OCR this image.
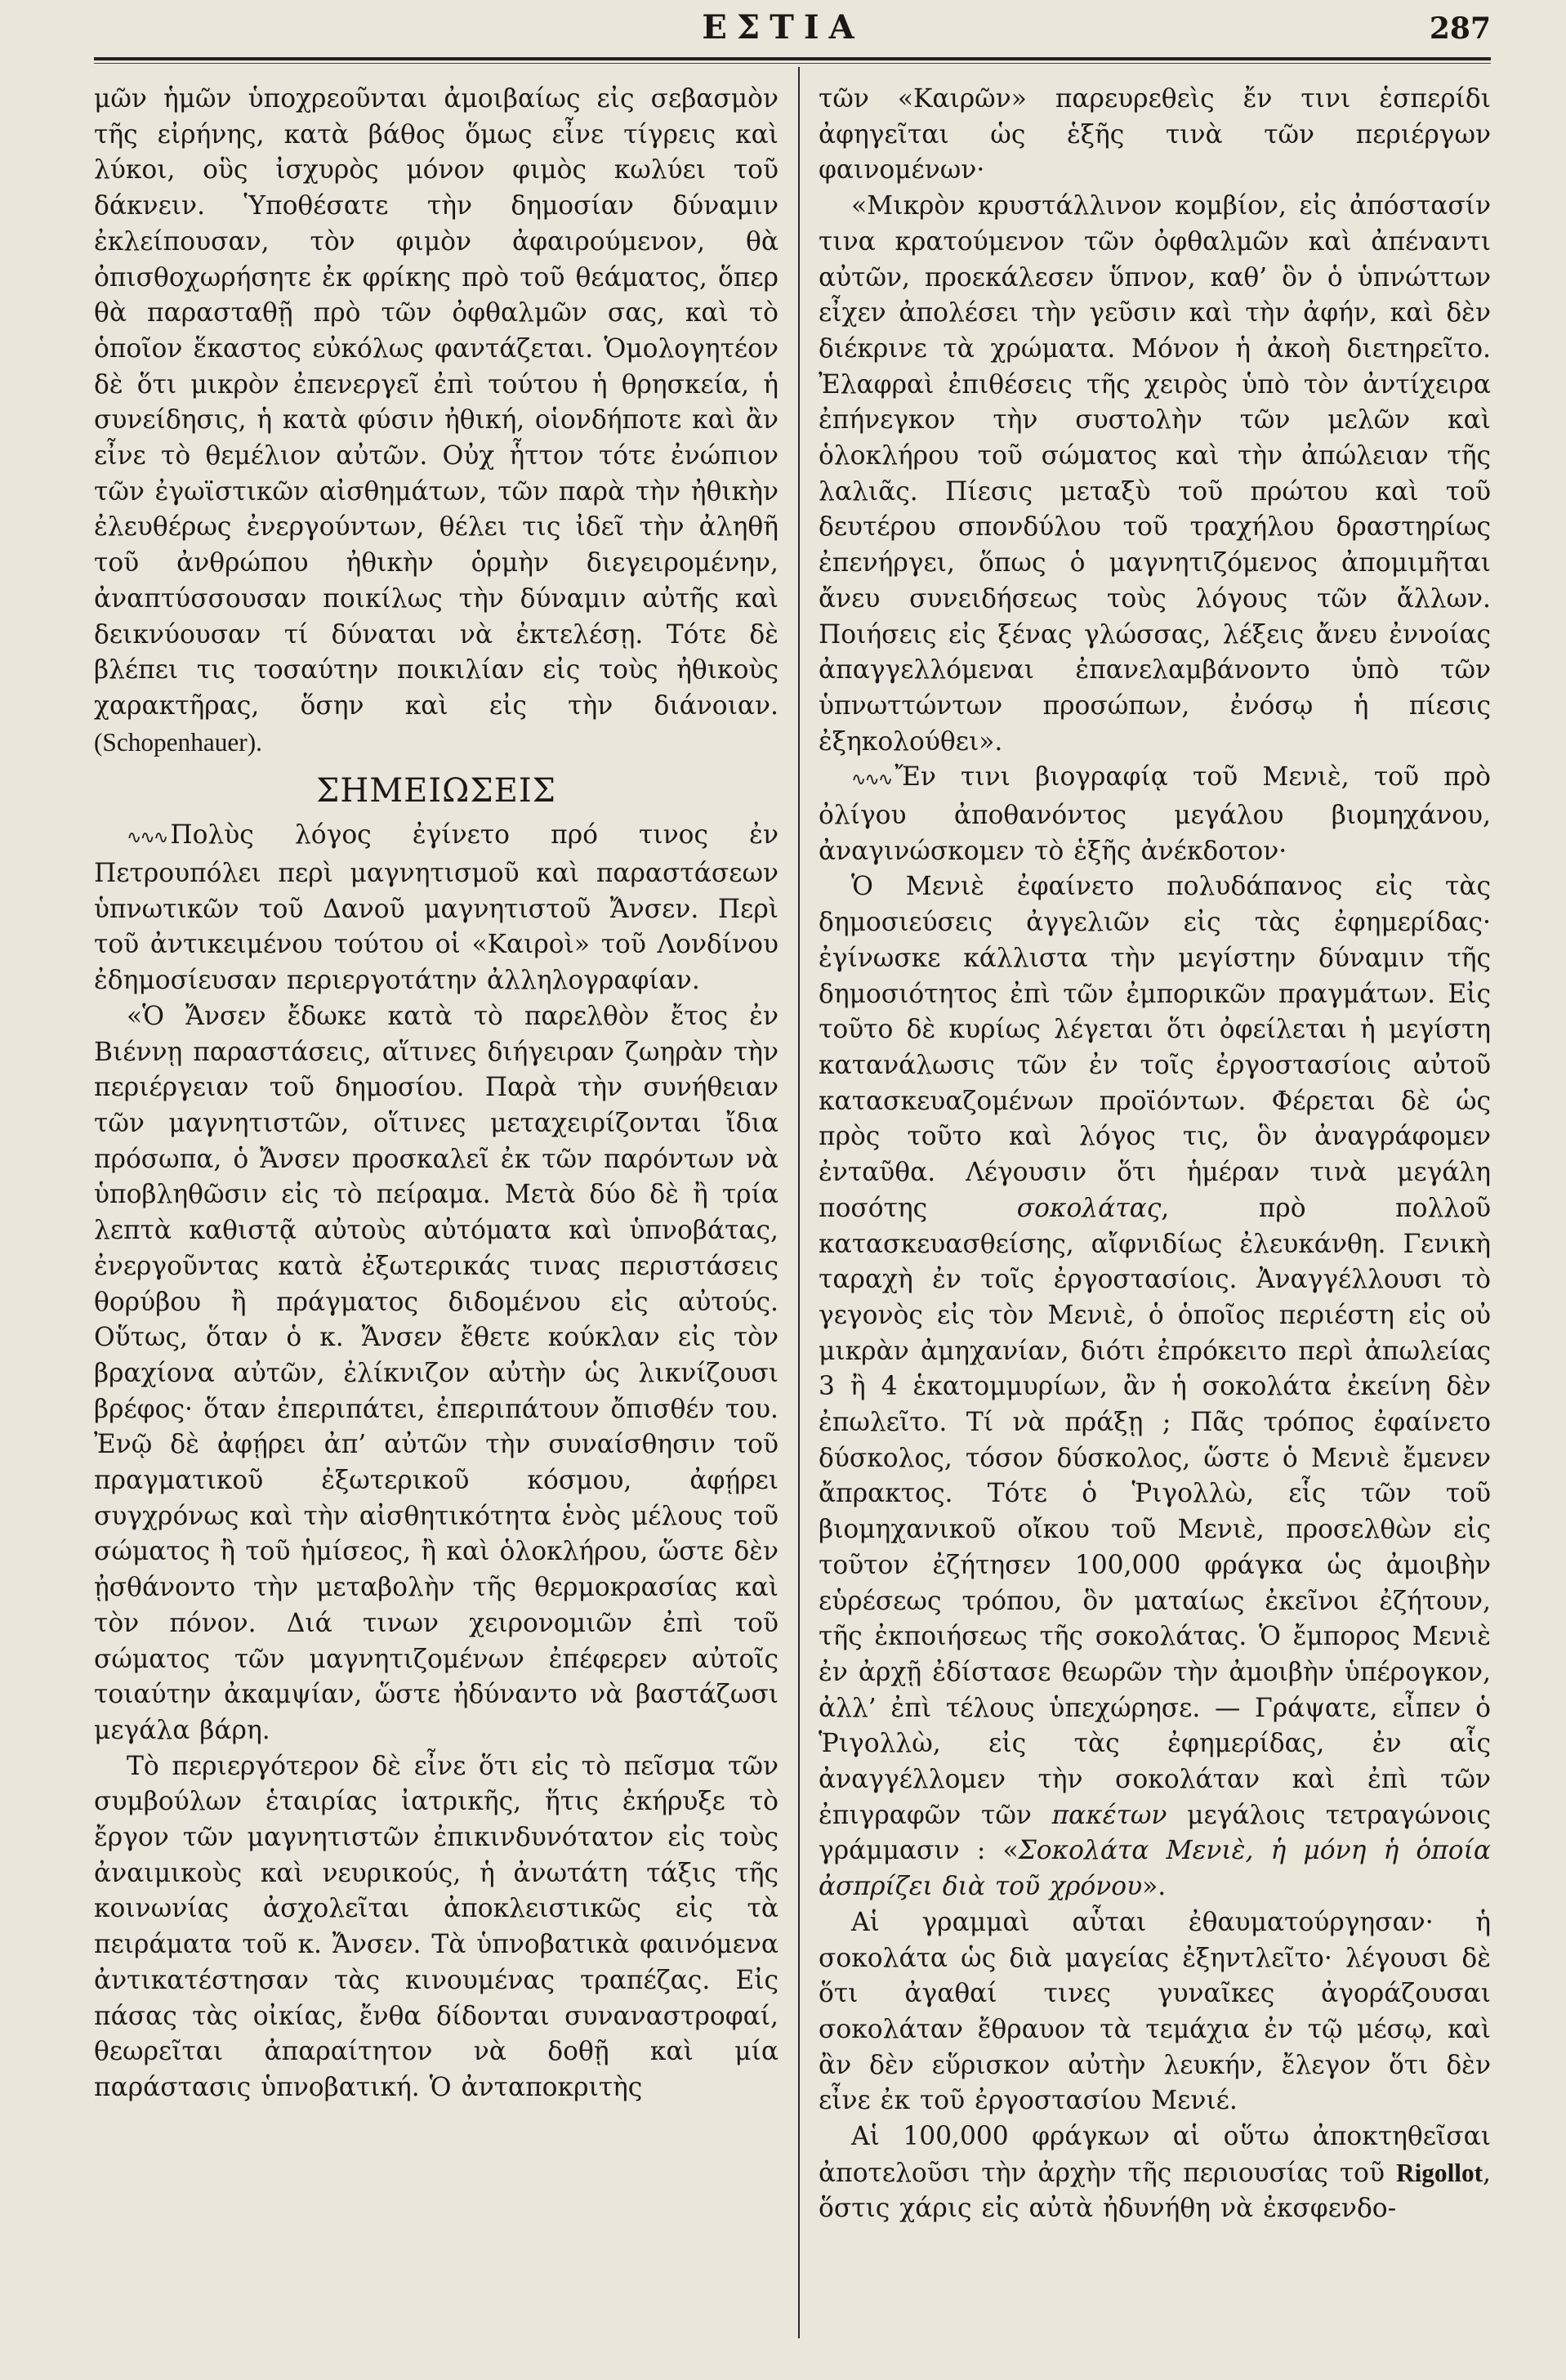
ΕΣΤΙΑ	287

μῶν ἡμῶν ὑποχρεοῦνται ἀμοιβαίως εἰς σεβασμὸν τῆς εἰρήνης, κατὰ βάθος ὅμως εἶνε τίγρεις καὶ λύκοι, οὓς ἰσχυρὸς μόνον φιμὸς κωλύει τοῦ δάκνειν. Ὑποθέσατε τὴν δημοσίαν δύναμιν ἐκλείπουσαν, τὸν φιμὸν ἀφαιρούμενον, θὰ ὀπισθοχωρήσητε ἐκ φρίκης πρὸ τοῦ θεάματος, ὅπερ θὰ παρασταθῇ πρὸ τῶν ὀφθαλμῶν σας, καὶ τὸ ὁποῖον ἕκαστος εὐκόλως φαντάζεται. Ὁμολογητέον δὲ ὅτι μικρὸν ἐπενεργεῖ ἐπὶ τούτου ἡ θρησκεία, ἡ συνείδησις, ἡ κατὰ φύσιν ἠθική, οἱονδήποτε καὶ ἂν εἶνε τὸ θεμέλιον αὐτῶν. Οὐχ ἧττον τότε ἐνώπιον τῶν ἐγωϊστικῶν αἰσθημάτων, τῶν παρὰ τὴν ἠθικὴν ἐλευθέρως ἐνεργούντων, θέλει τις ἰδεῖ τὴν ἀληθῆ τοῦ ἀνθρώπου ἠθικὴν ὁρμὴν διεγειρομένην, ἀναπτύσσουσαν ποικίλως τὴν δύναμιν αὐτῆς καὶ δεικνύουσαν τί δύναται νὰ ἐκτελέσῃ. Τότε δὲ βλέπει τις τοσαύτην ποικιλίαν εἰς τοὺς ἠθικοὺς χαρακτῆρας, ὅσην καὶ εἰς τὴν διάνοιαν. (Schopenhauer).

ΣΗΜΕΙΩΣΕΙΣ

∿∿∿ Πολὺς λόγος ἐγίνετο πρό τινος ἐν Πετρουπόλει περὶ μαγνητισμοῦ καὶ παραστάσεων ὑπνωτικῶν τοῦ Δανοῦ μαγνητιστοῦ Ἄνσεν. Περὶ τοῦ ἀντικειμένου τούτου οἱ «Καιροὶ» τοῦ Λονδίνου ἐδημοσίευσαν περιεργοτάτην ἀλληλογραφίαν.

«Ὁ Ἄνσεν ἔδωκε κατὰ τὸ παρελθὸν ἔτος ἐν Βιέννῃ παραστάσεις, αἵτινες διήγειραν ζωηρὰν τὴν περιέργειαν τοῦ δημοσίου. Παρὰ τὴν συνήθειαν τῶν μαγνητιστῶν, οἵτινες μεταχειρίζονται ἴδια πρόσωπα, ὁ Ἄνσεν προσκαλεῖ ἐκ τῶν παρόντων νὰ ὑποβληθῶσιν εἰς τὸ πείραμα. Μετὰ δύο δὲ ἢ τρία λεπτὰ καθιστᾷ αὐτοὺς αὐτόματα καὶ ὑπνοβάτας, ἐνεργοῦντας κατὰ ἐξωτερικάς τινας περιστάσεις θορύβου ἢ πράγματος διδομένου εἰς αὐτούς. Οὕτως, ὅταν ὁ κ. Ἄνσεν ἔθετε κούκλαν εἰς τὸν βραχίονα αὐτῶν, ἐλίκνιζον αὐτὴν ὡς λικνίζουσι βρέφος· ὅταν ἐπεριπάτει, ἐπεριπάτουν ὄπισθέν του. Ἐνῷ δὲ ἀφῄρει ἀπ’ αὐτῶν τὴν συναίσθησιν τοῦ πραγματικοῦ ἐξωτερικοῦ κόσμου, ἀφῄρει συγχρόνως καὶ τὴν αἰσθητικότητα ἑνὸς μέλους τοῦ σώματος ἢ τοῦ ἡμίσεος, ἢ καὶ ὁλοκλήρου, ὥστε δὲν ᾐσθάνοντο τὴν μεταβολὴν τῆς θερμοκρασίας καὶ τὸν πόνον. Διά τινων χειρονομιῶν ἐπὶ τοῦ σώματος τῶν μαγνητιζομένων ἐπέφερεν αὐτοῖς τοιαύτην ἀκαμψίαν, ὥστε ἠδύναντο νὰ βαστάζωσι μεγάλα βάρη.

Τὸ περιεργότερον δὲ εἶνε ὅτι εἰς τὸ πεῖσμα τῶν συμβούλων ἑταιρίας ἰατρικῆς, ἥτις ἐκήρυξε τὸ ἔργον τῶν μαγνητιστῶν ἐπικινδυνότατον εἰς τοὺς ἀναιμικοὺς καὶ νευρικούς, ἡ ἀνωτάτη τάξις τῆς κοινωνίας ἀσχολεῖται ἀποκλειστικῶς εἰς τὰ πειράματα τοῦ κ. Ἄνσεν. Τὰ ὑπνοβατικὰ φαινόμενα ἀντικατέστησαν τὰς κινουμένας τραπέζας. Εἰς πάσας τὰς οἰκίας, ἔνθα δίδονται συναναστροφαί, θεωρεῖται ἀπαραίτητον νὰ δοθῇ καὶ μία παράστασις ὑπνοβατική. Ὁ ἀνταποκριτὴς

τῶν «Καιρῶν» παρευρεθεὶς ἔν τινι ἑσπερίδι ἀφηγεῖται ὡς ἑξῆς τινὰ τῶν περιέργων φαινομένων·

«Μικρὸν κρυστάλλινον κομβίον, εἰς ἀπόστασίν τινα κρατούμενον τῶν ὀφθαλμῶν καὶ ἀπέναντι αὐτῶν, προεκάλεσεν ὕπνον, καθ’ ὃν ὁ ὑπνώττων εἶχεν ἀπολέσει τὴν γεῦσιν καὶ τὴν ἀφήν, καὶ δὲν διέκρινε τὰ χρώματα. Μόνον ἡ ἀκοὴ διετηρεῖτο. Ἐλαφραὶ ἐπιθέσεις τῆς χειρὸς ὑπὸ τὸν ἀντίχειρα ἐπήνεγκον τὴν συστολὴν τῶν μελῶν καὶ ὁλοκλήρου τοῦ σώματος καὶ τὴν ἀπώλειαν τῆς λαλιᾶς. Πίεσις μεταξὺ τοῦ πρώτου καὶ τοῦ δευτέρου σπονδύλου τοῦ τραχήλου δραστηρίως ἐπενήργει, ὅπως ὁ μαγνητιζόμενος ἀπομιμῆται ἄνευ συνειδήσεως τοὺς λόγους τῶν ἄλλων. Ποιήσεις εἰς ξένας γλώσσας, λέξεις ἄνευ ἐννοίας ἀπαγγελλόμεναι ἐπανελαμβάνοντο ὑπὸ τῶν ὑπνωττώντων προσώπων, ἐνόσῳ ἡ πίεσις ἐξηκολούθει».

∿∿∿ Ἔν τινι βιογραφίᾳ τοῦ Μενιὲ, τοῦ πρὸ ὀλίγου ἀποθανόντος μεγάλου βιομηχάνου, ἀναγινώσκομεν τὸ ἑξῆς ἀνέκδοτον·

Ὁ Μενιὲ ἐφαίνετο πολυδάπανος εἰς τὰς δημοσιεύσεις ἀγγελιῶν εἰς τὰς ἐφημερίδας· ἐγίνωσκε κάλλιστα τὴν μεγίστην δύναμιν τῆς δημοσιότητος ἐπὶ τῶν ἐμπορικῶν πραγμάτων. Εἰς τοῦτο δὲ κυρίως λέγεται ὅτι ὀφείλεται ἡ μεγίστη κατανάλωσις τῶν ἐν τοῖς ἐργοστασίοις αὐτοῦ κατασκευαζομένων προϊόντων. Φέρεται δὲ ὡς πρὸς τοῦτο καὶ λόγος τις, ὃν ἀναγράφομεν ἐνταῦθα. Λέγουσιν ὅτι ἡμέραν τινὰ μεγάλη ποσότης σοκολάτας, πρὸ πολλοῦ κατασκευασθείσης, αἴφνιδίως ἐλευκάνθη. Γενικὴ ταραχὴ ἐν τοῖς ἐργοστασίοις. Ἀναγγέλλουσι τὸ γεγονὸς εἰς τὸν Μενιὲ, ὁ ὁποῖος περιέστη εἰς οὐ μικρὰν ἀμηχανίαν, διότι ἐπρόκειτο περὶ ἀπωλείας 3 ἢ 4 ἑκατομμυρίων, ἂν ἡ σοκολάτα ἐκείνη δὲν ἐπωλεῖτο. Τί νὰ πράξῃ ; Πᾶς τρόπος ἐφαίνετο δύσκολος, τόσον δύσκολος, ὥστε ὁ Μενιὲ ἔμενεν ἄπρακτος. Τότε ὁ Ῥιγολλὼ, εἷς τῶν τοῦ βιομηχανικοῦ οἴκου τοῦ Μενιὲ, προσελθὼν εἰς τοῦτον ἐζήτησεν 100,000 φράγκα ὡς ἀμοιβὴν εὑρέσεως τρόπου, ὃν ματαίως ἐκεῖνοι ἐζήτουν, τῆς ἐκποιήσεως τῆς σοκολάτας. Ὁ ἔμπορος Μενιὲ ἐν ἀρχῇ ἐδίστασε θεωρῶν τὴν ἀμοιβὴν ὑπέρογκον, ἀλλ’ ἐπὶ τέλους ὑπεχώρησε. — Γράψατε, εἶπεν ὁ Ῥιγολλὼ, εἰς τὰς ἐφημερίδας, ἐν αἷς ἀναγγέλλομεν τὴν σοκολάταν καὶ ἐπὶ τῶν ἐπιγραφῶν τῶν πακέτων μεγάλοις τετραγώνοις γράμμασιν : «Σοκολάτα Μενιὲ, ἡ μόνη ἡ ὁποία ἀσπρίζει διὰ τοῦ χρόνου».

Αἱ γραμμαὶ αὗται ἐθαυματούργησαν· ἡ σοκολάτα ὡς διὰ μαγείας ἐξηντλεῖτο· λέγουσι δὲ ὅτι ἀγαθαί τινες γυναῖκες ἀγοράζουσαι σοκολάταν ἔθραυον τὰ τεμάχια ἐν τῷ μέσῳ, καὶ ἂν δὲν εὕρισκον αὐτὴν λευκήν, ἔλεγον ὅτι δὲν εἶνε ἐκ τοῦ ἐργοστασίου Μενιέ.

Αἱ 100,000 φράγκων αἱ οὕτω ἀποκτηθεῖσαι ἀποτελοῦσι τὴν ἀρχὴν τῆς περιουσίας τοῦ Rigollot, ὅστις χάρις εἰς αὐτὰ ἠδυνήθη νὰ ἐκσφενδο-
